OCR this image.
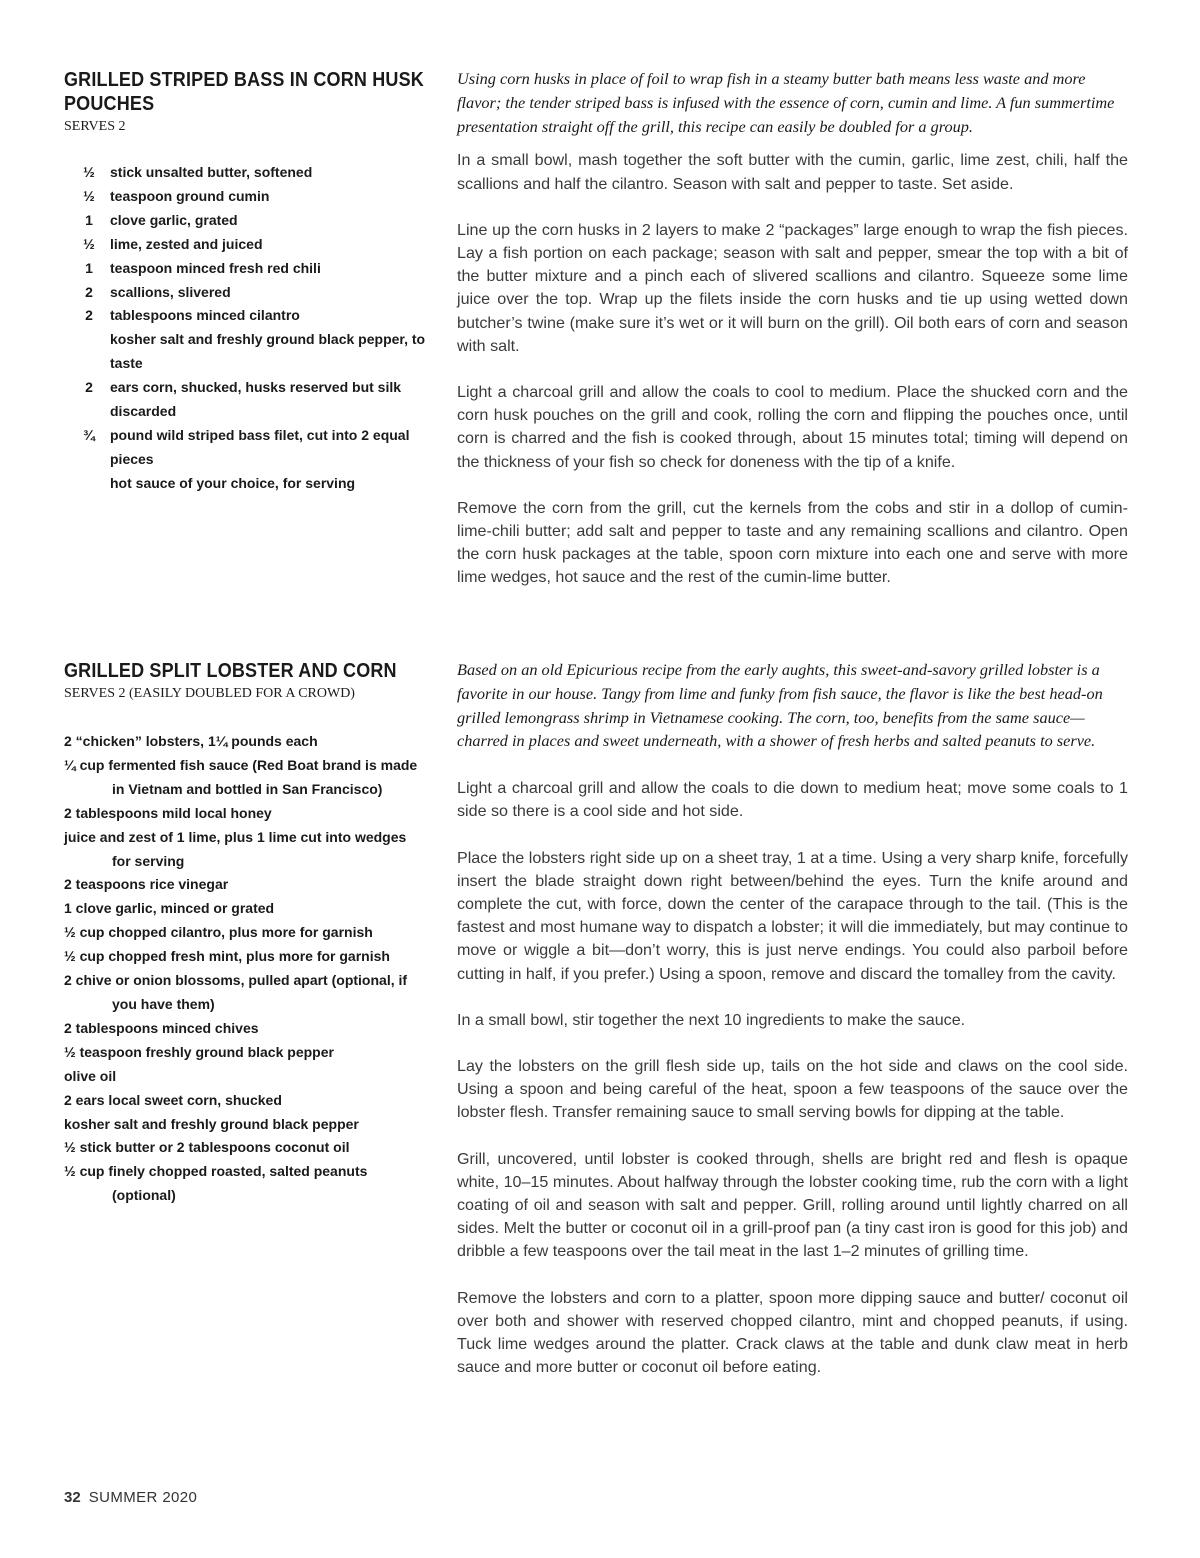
GRILLED STRIPED BASS IN CORN HUSK POUCHES
SERVES 2
½	stick unsalted butter, softened
½	teaspoon ground cumin
1	clove garlic, grated
½	lime, zested and juiced
1	teaspoon minced fresh red chili
2	scallions, slivered
2	tablespoons minced cilantro
kosher salt and freshly ground black pepper, to taste
2	ears corn, shucked, husks reserved but silk discarded
¾	pound wild striped bass filet, cut into 2 equal pieces
hot sauce of your choice, for serving

Using corn husks in place of foil to wrap fish in a steamy butter bath means less waste and more flavor; the tender striped bass is infused with the essence of corn, cumin and lime. A fun summertime presentation straight off the grill, this recipe can easily be doubled for a group.

In a small bowl, mash together the soft butter with the cumin, garlic, lime zest, chili, half the scallions and half the cilantro. Season with salt and pepper to taste. Set aside.

Line up the corn husks in 2 layers to make 2 “packages” large enough to wrap the fish pieces. Lay a fish portion on each package; season with salt and pepper, smear the top with a bit of the butter mixture and a pinch each of slivered scallions and cilantro. Squeeze some lime juice over the top. Wrap up the filets inside the corn husks and tie up using wetted down butcher’s twine (make sure it’s wet or it will burn on the grill). Oil both ears of corn and season with salt.

Light a charcoal grill and allow the coals to cool to medium. Place the shucked corn and the corn husk pouches on the grill and cook, rolling the corn and flipping the pouches once, until corn is charred and the fish is cooked through, about 15 minutes total; timing will depend on the thickness of your fish so check for doneness with the tip of a knife.

Remove the corn from the grill, cut the kernels from the cobs and stir in a dollop of cumin- lime-chili butter; add salt and pepper to taste and any remaining scallions and cilantro. Open the corn husk packages at the table, spoon corn mixture into each one and serve with more lime wedges, hot sauce and the rest of the cumin-lime butter.

GRILLED SPLIT LOBSTER AND CORN
SERVES 2 (EASILY DOUBLED FOR A CROWD)
2 “chicken” lobsters, 1¼ pounds each
¼ cup fermented fish sauce (Red Boat brand is made in Vietnam and bottled in San Francisco)
2 tablespoons mild local honey
juice and zest of 1 lime, plus 1 lime cut into wedges for serving
2 teaspoons rice vinegar
1 clove garlic, minced or grated
½ cup chopped cilantro, plus more for garnish
½ cup chopped fresh mint, plus more for garnish
2 chive or onion blossoms, pulled apart (optional, if you have them)
2 tablespoons minced chives
½ teaspoon freshly ground black pepper
olive oil
2 ears local sweet corn, shucked
kosher salt and freshly ground black pepper
½ stick butter or 2 tablespoons coconut oil
½ cup finely chopped roasted, salted peanuts (optional)

Based on an old Epicurious recipe from the early aughts, this sweet-and-savory grilled lobster is a favorite in our house. Tangy from lime and funky from fish sauce, the flavor is like the best head-on grilled lemongrass shrimp in Vietnamese cooking. The corn, too, benefits from the same sauce—charred in places and sweet underneath, with a shower of fresh herbs and salted peanuts to serve.

Light a charcoal grill and allow the coals to die down to medium heat; move some coals to 1 side so there is a cool side and hot side.

Place the lobsters right side up on a sheet tray, 1 at a time. Using a very sharp knife, forcefully insert the blade straight down right between/behind the eyes. Turn the knife around and complete the cut, with force, down the center of the carapace through to the tail. (This is the fastest and most humane way to dispatch a lobster; it will die immediately, but may continue to move or wiggle a bit—don’t worry, this is just nerve endings. You could also parboil before cutting in half, if you prefer.) Using a spoon, remove and discard the tomalley from the cavity.

In a small bowl, stir together the next 10 ingredients to make the sauce.

Lay the lobsters on the grill flesh side up, tails on the hot side and claws on the cool side. Using a spoon and being careful of the heat, spoon a few teaspoons of the sauce over the lobster flesh. Transfer remaining sauce to small serving bowls for dipping at the table.

Grill, uncovered, until lobster is cooked through, shells are bright red and flesh is opaque white, 10–15 minutes. About halfway through the lobster cooking time, rub the corn with a light coating of oil and season with salt and pepper. Grill, rolling around until lightly charred on all sides. Melt the butter or coconut oil in a grill-proof pan (a tiny cast iron is good for this job) and dribble a few teaspoons over the tail meat in the last 1–2 minutes of grilling time.

Remove the lobsters and corn to a platter, spoon more dipping sauce and butter/ coconut oil over both and shower with reserved chopped cilantro, mint and chopped peanuts, if using. Tuck lime wedges around the platter. Crack claws at the table and dunk claw meat in herb sauce and more butter or coconut oil before eating.

32 SUMMER 2020
